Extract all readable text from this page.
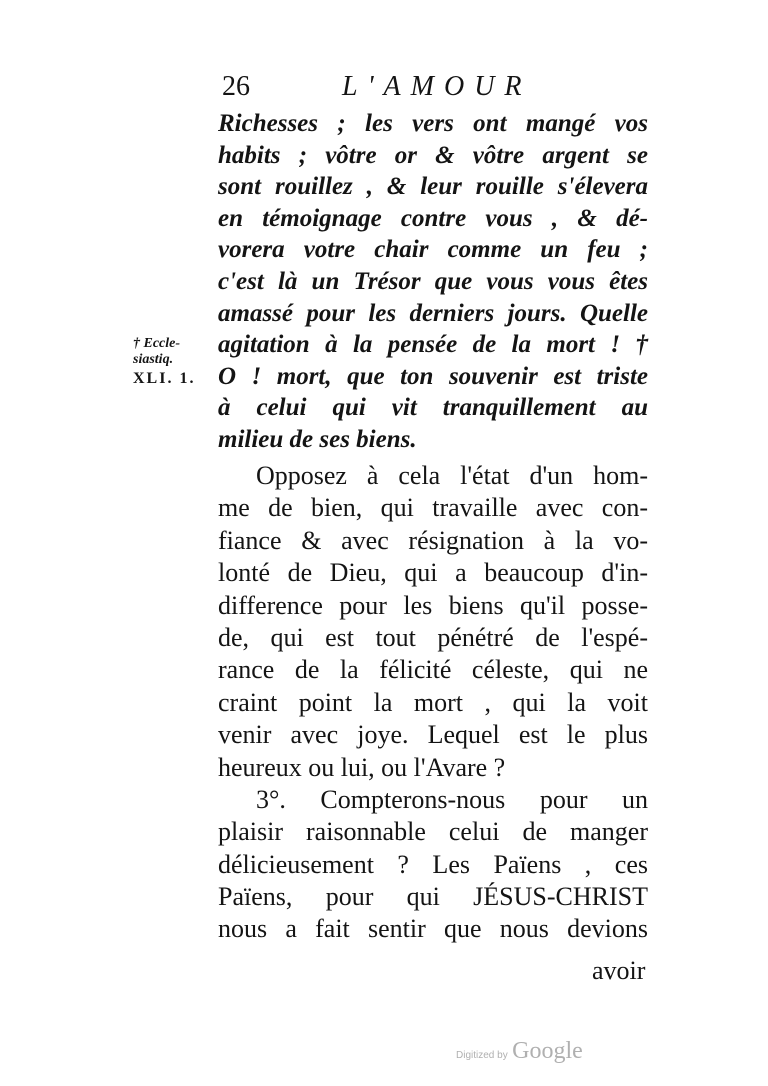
26	L'AMOUR
† Eccle-
siastiq.
XLI. 1.
Richesses ; les vers ont mangé vos
habits ; vôtre or & vôtre argent se
sont rouillez , & leur rouille s'élevera
en témoignage contre vous , & dé-
vorera votre chair comme un feu ;
c'est là un Trésor que vous vous êtes
amassé pour les derniers jours. Quelle
agitation à la pensée de la mort ! †
O ! mort, que ton souvenir est triste
à celui qui vit tranquillement au
milieu de ses biens.
Opposez à cela l'état d'un hom-
me de bien, qui travaille avec con-
fiance & avec résignation à la vo-
lonté de Dieu, qui a beaucoup d'in-
difference pour les biens qu'il posse-
de, qui est tout pénétré de l'espé-
rance de la félicité céleste, qui ne
craint point la mort , qui la voit
venir avec joye. Lequel est le plus
heureux ou lui, ou l'Avare ?
3°. Compterons-nous pour un
plaisir raisonnable celui de manger
délicieusement ? Les Païens , ces
Païens, pour qui JÉSUS-CHRIST
nous a fait sentir que nous devions
avoir
Digitized by Google
